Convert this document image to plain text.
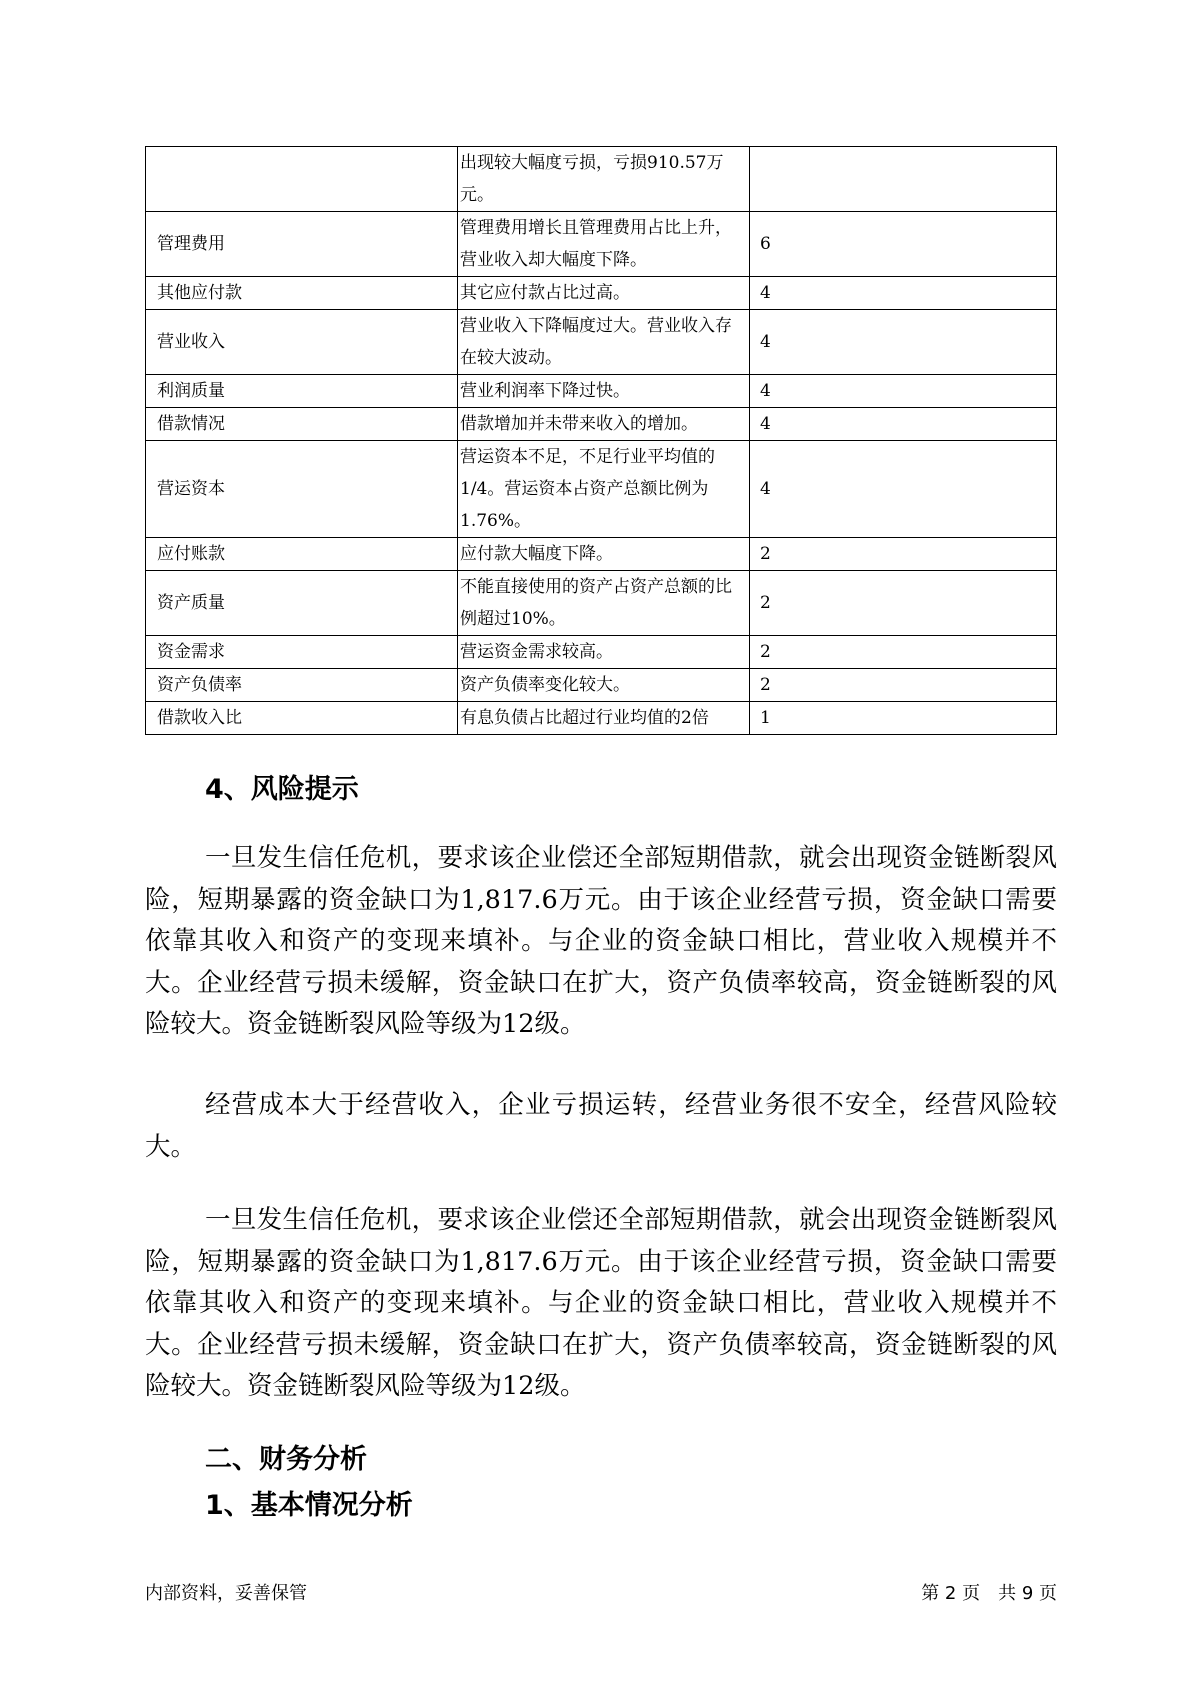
	出现较大幅度亏损，亏损910.57万元。	
管理费用	管理费用增长且管理费用占比上升，营业收入却大幅度下降。	6
其他应付款	其它应付款占比过高。	4
营业收入	营业收入下降幅度过大。营业收入存在较大波动。	4
利润质量	营业利润率下降过快。	4
借款情况	借款增加并未带来收入的增加。	4
营运资本	营运资本不足，不足行业平均值的1/4。营运资本占资产总额比例为1.76%。	4
应付账款	应付款大幅度下降。	2
资产质量	不能直接使用的资产占资产总额的比例超过10%。	2
资金需求	营运资金需求较高。	2
资产负债率	资产负债率变化较大。	2
借款收入比	有息负债占比超过行业均值的2倍	1
4、风险提示

一旦发生信任危机，要求该企业偿还全部短期借款，就会出现资金链断裂风险，短期暴露的资金缺口为1,817.6万元。由于该企业经营亏损，资金缺口需要依靠其收入和资产的变现来填补。与企业的资金缺口相比，营业收入规模并不大。企业经营亏损未缓解，资金缺口在扩大，资产负债率较高，资金链断裂的风险较大。资金链断裂风险等级为12级。

经营成本大于经营收入，企业亏损运转，经营业务很不安全，经营风险较大。

一旦发生信任危机，要求该企业偿还全部短期借款，就会出现资金链断裂风险，短期暴露的资金缺口为1,817.6万元。由于该企业经营亏损，资金缺口需要依靠其收入和资产的变现来填补。与企业的资金缺口相比，营业收入规模并不大。企业经营亏损未缓解，资金缺口在扩大，资产负债率较高，资金链断裂的风险较大。资金链断裂风险等级为12级。

二、财务分析
1、基本情况分析
内部资料，妥善保管	第 2 页　共 9 页
